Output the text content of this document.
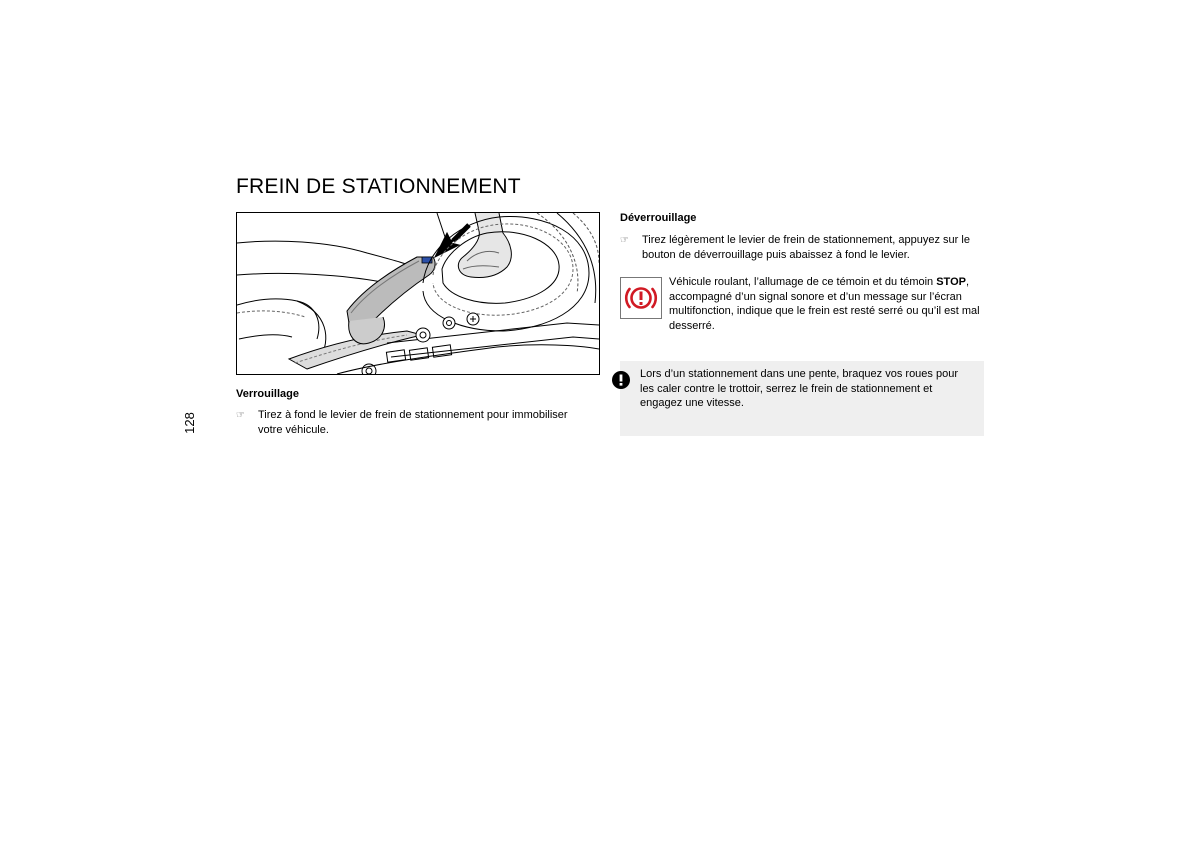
FREIN DE STATIONNEMENT
128
Verrouillage
☞	Tirez à fond le levier de frein de stationnement pour immobiliser votre véhicule.
Déverrouillage
☞	Tirez légèrement le levier de frein de stationnement, appuyez sur le bouton de déverrouillage puis abaissez à fond le levier.
Véhicule roulant, l’allumage de ce témoin et du témoin STOP, accompagné d’un signal sonore et d’un message sur l’écran multifonction, indique que le frein est resté serré ou qu’il est mal desserré.
Lors d’un stationnement dans une pente, braquez vos roues pour les caler contre le trottoir, serrez le frein de stationnement et engagez une vitesse.
